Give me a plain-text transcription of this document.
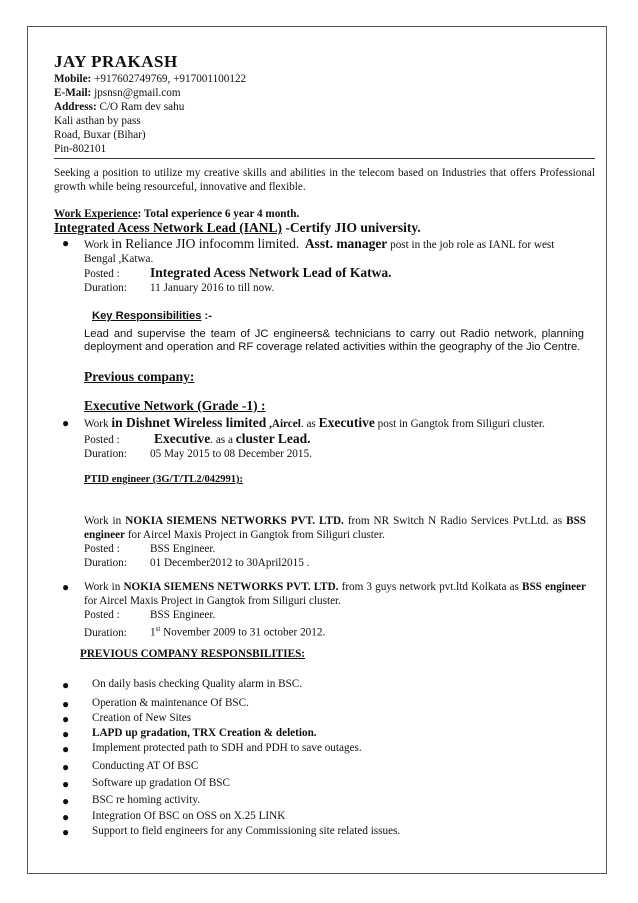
JAY PRAKASH
Mobile: +917602749769, +917001100122
E-Mail: jpsnsn@gmail.com
Address: C/O Ram dev sahu
Kali asthan by pass
Road, Buxar (Bihar)
Pin-802101
Seeking a position to utilize my creative skills and abilities in the telecom based on Industries that offers Professional growth while being resourceful, innovative and flexible.
Work Experience: Total experience 6 year 4 month.
Integrated Acess Network Lead (IANL) -Certify JIO university.
● Work in Reliance JIO infocomm limited. Asst. manager post in the job role as IANL for west
Bengal ,Katwa.
Posted : Integrated Acess Network Lead of Katwa.
Duration: 11 January 2016 to till now.
Key Responsibilities :-
Lead and supervise the team of JC engineers& technicians to carry out Radio network, planning deployment and operation and RF coverage related activities within the geography of the Jio Centre.
Previous company:
Executive Network (Grade -1) :
● Work in Dishnet Wireless limited ,Aircel. as Executive post in Gangtok from Siliguri cluster.
Posted :	Executive. as a cluster Lead.
Duration: 05 May 2015 to 08 December 2015.
PTID engineer (3G/T/TL2/042991):
Work in NOKIA SIEMENS NETWORKS PVT. LTD. from NR Switch N Radio Services Pvt.Ltd. as BSS engineer for Aircel Maxis Project in Gangtok from Siliguri cluster.
Posted :	BSS Engineer.
Duration: 01 December2012 to 30April2015 .
● Work in NOKIA SIEMENS NETWORKS PVT. LTD. from 3 guys network pvt.ltd Kolkata as BSS engineer for Aircel Maxis Project in Gangtok from Siliguri cluster.
Posted :	BSS Engineer.
Duration: 1st November 2009 to 31 october 2012.
PREVIOUS COMPANY RESPONSBILITIES:
● On daily basis checking Quality alarm in BSC.
● Operation & maintenance Of BSC.
● Creation of New Sites
● LAPD up gradation, TRX Creation & deletion.
● Implement protected path to SDH and PDH to save outages.
● Conducting AT Of BSC
● Software up gradation Of BSC
● BSC re homing activity.
● Integration Of BSC on OSS on X.25 LINK
● Support to field engineers for any Commissioning site related issues.
